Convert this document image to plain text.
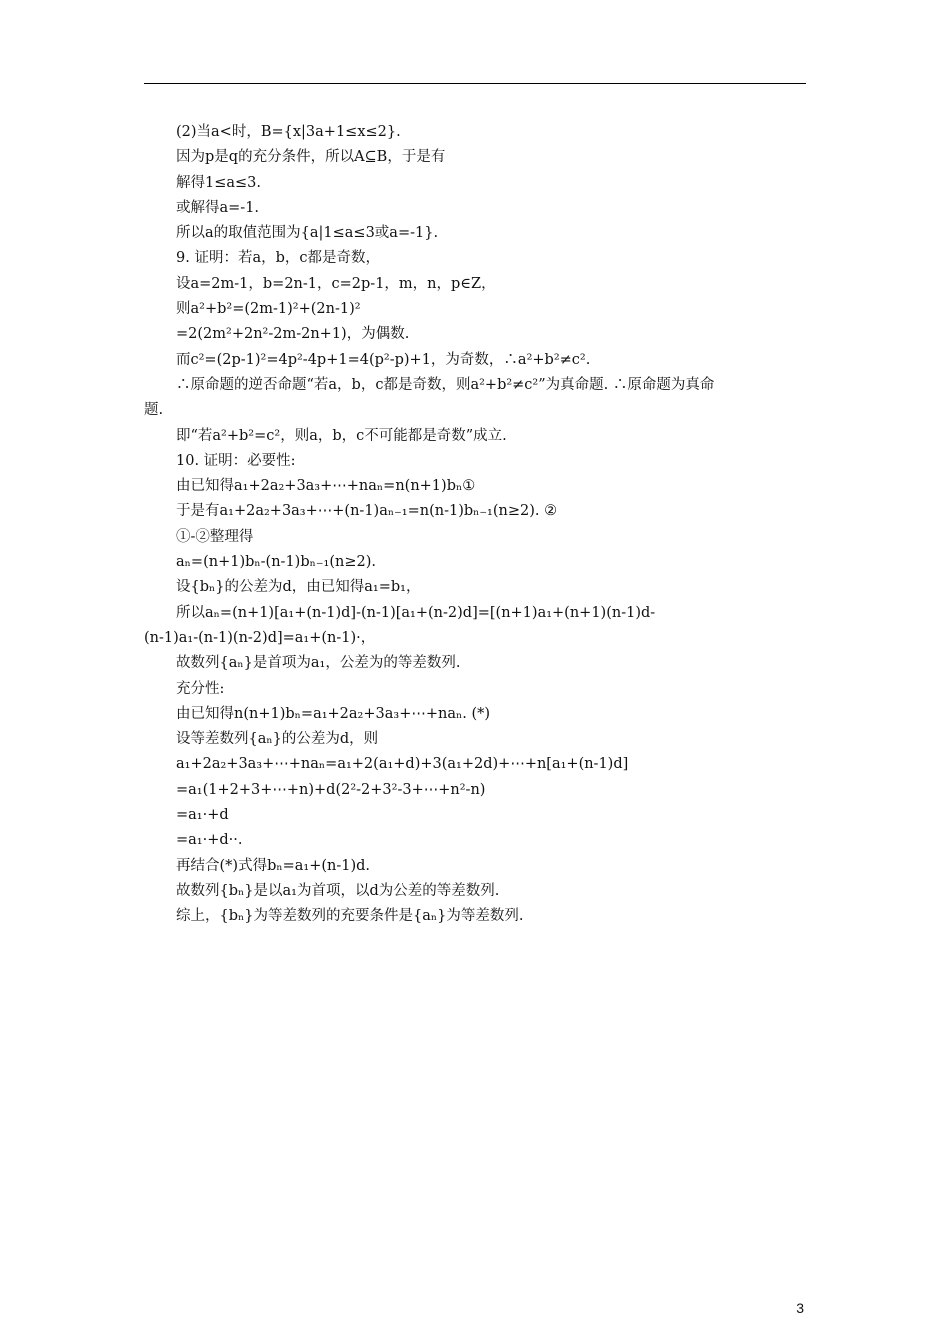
(2)当a<时，B={x|3a+1≤x≤2}.
因为p是q的充分条件，所以A⊆B，于是有
解得1≤a≤3.
或解得a=-1.
所以a的取值范围为{a|1≤a≤3或a=-1}.
9. 证明：若a，b，c都是奇数，
设a=2m-1，b=2n-1，c=2p-1，m，n，p∈Z，
则a²+b²=(2m-1)²+(2n-1)²
=2(2m²+2n²-2m-2n+1)，为偶数.
而c²=(2p-1)²=4p²-4p+1=4(p²-p)+1，为奇数，∴a²+b²≠c².
∴原命题的逆否命题“若a，b，c都是奇数，则a²+b²≠c²”为真命题. ∴原命题为真命
题.
即“若a²+b²=c²，则a，b，c不可能都是奇数”成立.
10. 证明：必要性:
由已知得a₁+2a₂+3a₃+⋯+naₙ=n(n+1)bₙ①
于是有a₁+2a₂+3a₃+⋯+(n-1)aₙ₋₁=n(n-1)bₙ₋₁(n≥2). ②
①-②整理得
aₙ=(n+1)bₙ-(n-1)bₙ₋₁(n≥2).
设{bₙ}的公差为d，由已知得a₁=b₁，
所以aₙ=(n+1)[a₁+(n-1)d]-(n-1)[a₁+(n-2)d]=[(n+1)a₁+(n+1)(n-1)d-
(n-1)a₁-(n-1)(n-2)d]=a₁+(n-1)·，
故数列{aₙ}是首项为a₁，公差为的等差数列.
充分性:
由已知得n(n+1)bₙ=a₁+2a₂+3a₃+⋯+naₙ. (*)
设等差数列{aₙ}的公差为d，则
a₁+2a₂+3a₃+⋯+naₙ=a₁+2(a₁+d)+3(a₁+2d)+⋯+n[a₁+(n-1)d]
=a₁(1+2+3+⋯+n)+d(2²-2+3²-3+⋯+n²-n)
=a₁·+d
=a₁·+d··.
再结合(*)式得bₙ=a₁+(n-1)d.
故数列{bₙ}是以a₁为首项，以d为公差的等差数列.
综上，{bₙ}为等差数列的充要条件是{aₙ}为等差数列.
3
